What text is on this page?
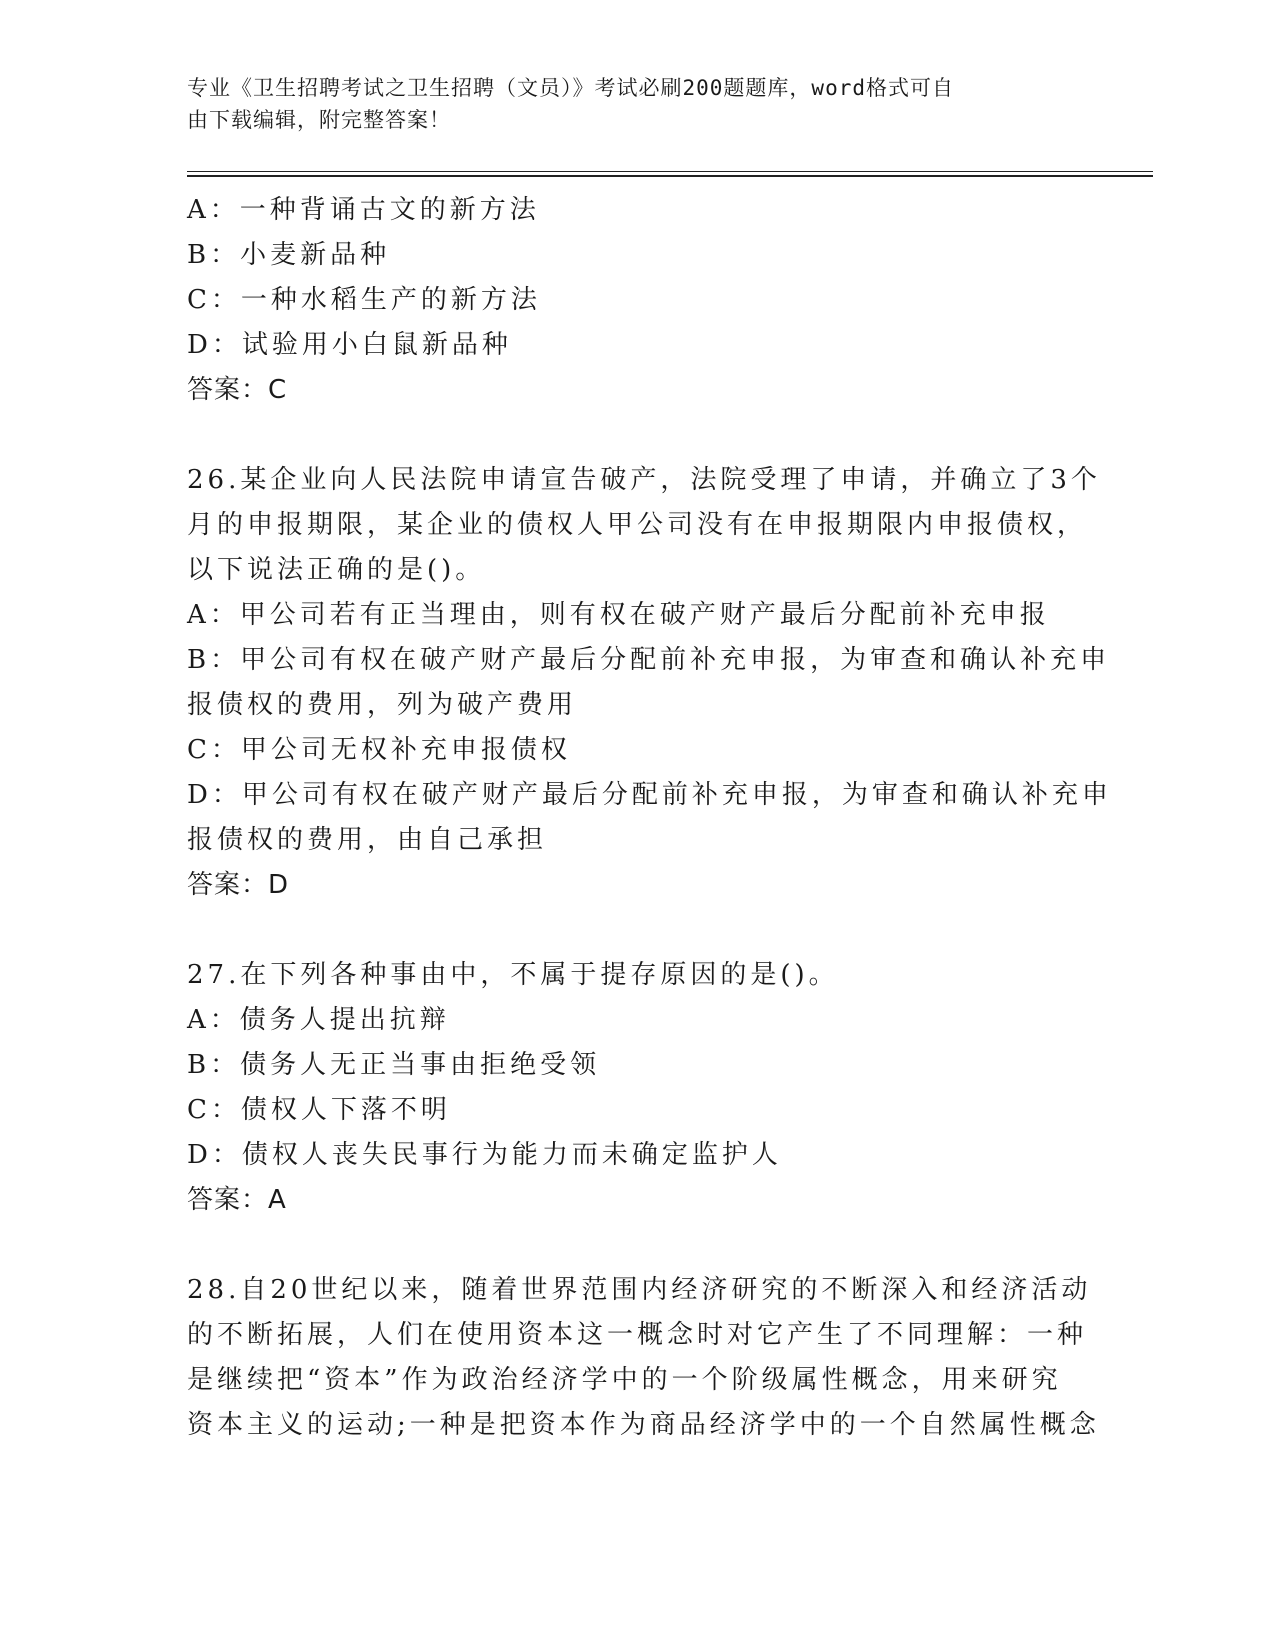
专业《卫生招聘考试之卫生招聘（文员）》考试必刷200题题库，word格式可自
由下载编辑，附完整答案！
A：一种背诵古文的新方法
B：小麦新品种
C：一种水稻生产的新方法
D：试验用小白鼠新品种
答案：C
26.某企业向人民法院申请宣告破产，法院受理了申请，并确立了3个
月的申报期限，某企业的债权人甲公司没有在申报期限内申报债权，
以下说法正确的是()。
A：甲公司若有正当理由，则有权在破产财产最后分配前补充申报
B：甲公司有权在破产财产最后分配前补充申报，为审查和确认补充申
报债权的费用，列为破产费用
C：甲公司无权补充申报债权
D：甲公司有权在破产财产最后分配前补充申报，为审查和确认补充申
报债权的费用，由自己承担
答案：D
27.在下列各种事由中，不属于提存原因的是()。
A：债务人提出抗辩
B：债务人无正当事由拒绝受领
C：债权人下落不明
D：债权人丧失民事行为能力而未确定监护人
答案：A
28.自20世纪以来，随着世界范围内经济研究的不断深入和经济活动
的不断拓展，人们在使用资本这一概念时对它产生了不同理解：一种
是继续把“资本”作为政治经济学中的一个阶级属性概念，用来研究
资本主义的运动;一种是把资本作为商品经济学中的一个自然属性概念
